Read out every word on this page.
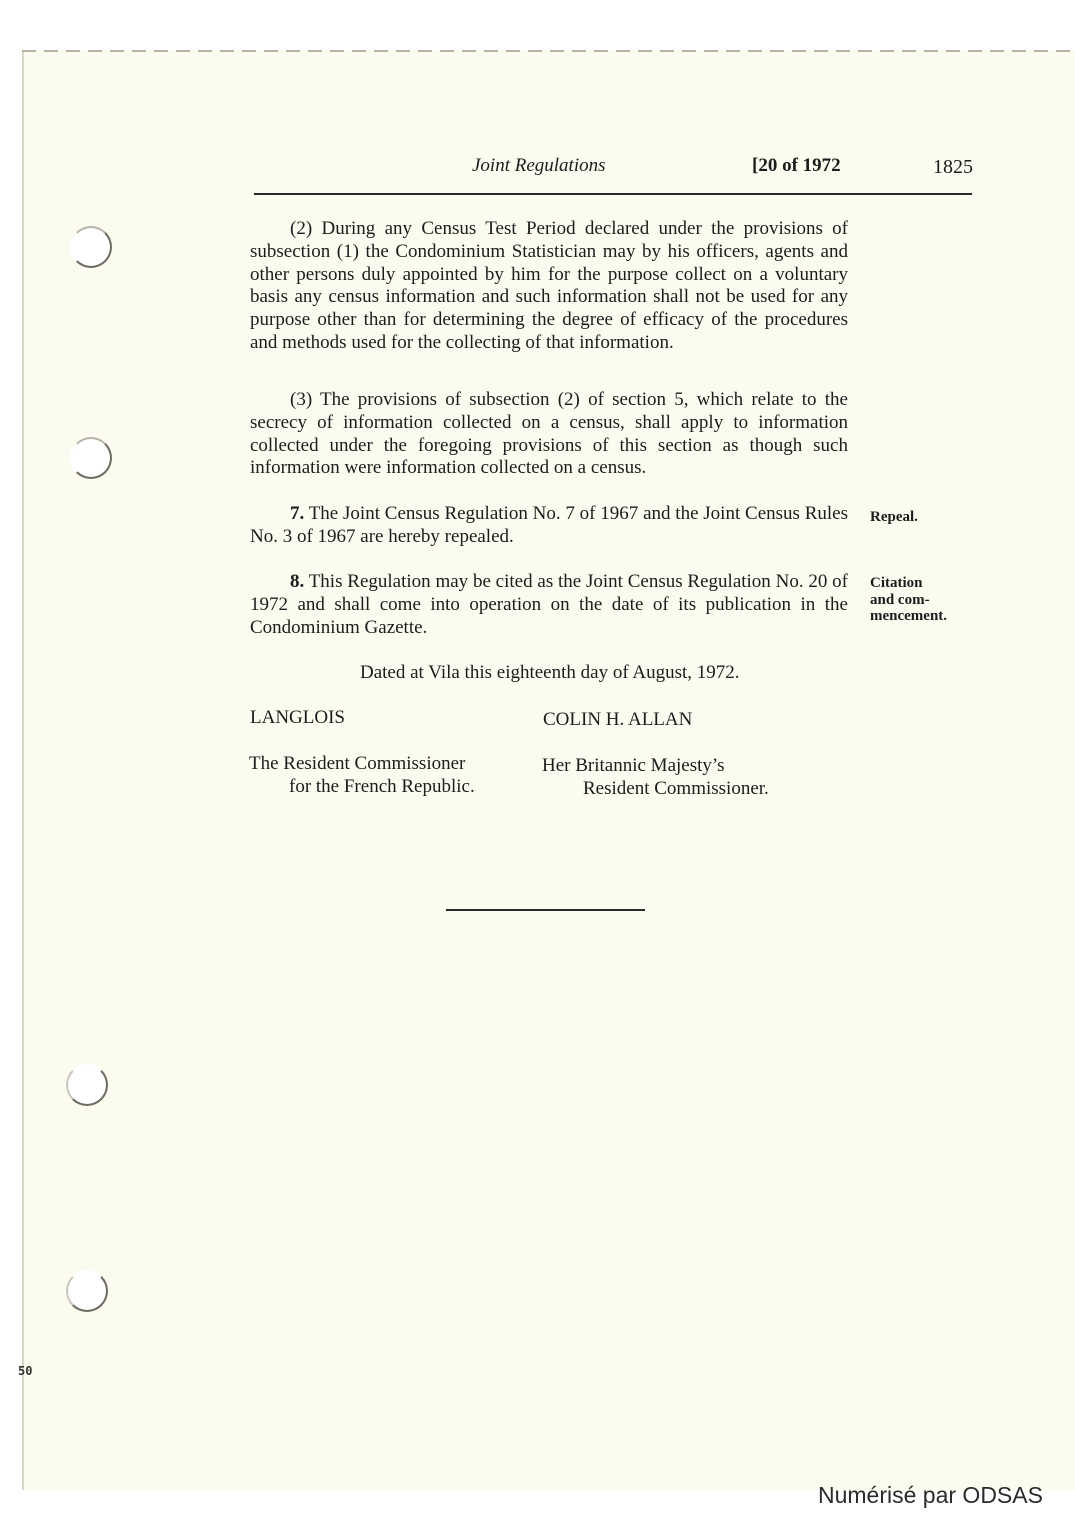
Joint Regulations	[20 of 1972	1825
(2) During any Census Test Period declared under the provisions of subsection (1) the Condominium Statistician may by his officers, agents and other persons duly appointed by him for the purpose collect on a voluntary basis any census information and such information shall not be used for any purpose other than for determining the degree of efficacy of the procedures and methods used for the collecting of that information.
(3) The provisions of subsection (2) of section 5, which relate to the secrecy of information collected on a census, shall apply to information collected under the foregoing provisions of this section as though such information were information collected on a census.
7. The Joint Census Regulation No. 7 of 1967 and the Joint Census Rules No. 3 of 1967 are hereby repealed.
Repeal.
8. This Regulation may be cited as the Joint Census Regulation No. 20 of 1972 and shall come into operation on the date of its publication in the Condominium Gazette.
Citation
and com-
mencement.
Dated at Vila this eighteenth day of August, 1972.
LANGLOIS	COLIN H. ALLAN
The Resident Commissioner
for the French Republic.
Her Britannic Majesty’s
Resident Commissioner.
50
Numérisé par ODSAS
